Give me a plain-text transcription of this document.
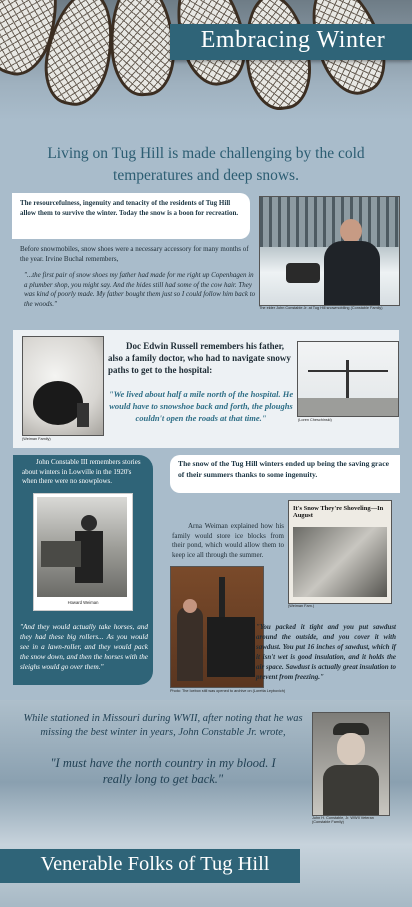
Embracing Winter
Living on Tug Hill is made challenging by the cold temperatures and deep snows.
The resourcefulness, ingenuity and tenacity of the residents of Tug Hill allow them to survive the winter. Today the snow is a boon for recreation.
Before snowmobiles, snow shoes were a necessary accessory for many months of the year. Irvine Buchal remembers,
"...the first pair of snow shoes my father had made for me right up Copenhagen in a plumber shop, you might say. And the hides still had some of the cow hair. They was kind of poorly made. My father bought them just so I could follow him back to the woods."
The elder John Constable Jr. at Tug Hill snowmobiling (Constable Family)
(Weiman Family)
Doc Edwin Russell remembers his father, also a family doctor, who had to navigate snowy paths to get to the hospital:
"We lived about half a mile north of the hospital. He would have to snowshoe back and forth, the ploughs couldn't open the roads at that time."	(Loren Cheschinski)
John Constable III remembers stories about winters in Lowville in the 1920's when there were no snowplows.
Howard Weiman
"And they would actually take horses, and they had these big rollers... As you would see in a lawn-roller, and they would pack the snow down, and then the horses with the sleighs would go over them."
The snow of the Tug Hill winters ended up being the saving grace of their summers thanks to some ingenuity.
Arna Weiman explained how his family would store ice blocks from their pond, which would allow them to keep ice all through the summer.
It's Snow They're Shoveling—In August
(Weiman Fam.)
Photo: The Icebox still was opened to archive on (Loretta Leybovich)
"You packed it tight and you put sawdust around the outside, and you cover it with sawdust. You put 16 inches of sawdust, which if it isn't wet is good insulation, and it holds the air space. Sawdust is actually great insulation to prevent from freezing."
While stationed in Missouri during WWII, after noting that he was missing the best winter in years, John Constable Jr. wrote,
"I must have the north country in my blood. I really long to get back."
John H. Constable, Jr. WWII Veteran (Constable Family)
Venerable Folks of Tug Hill
